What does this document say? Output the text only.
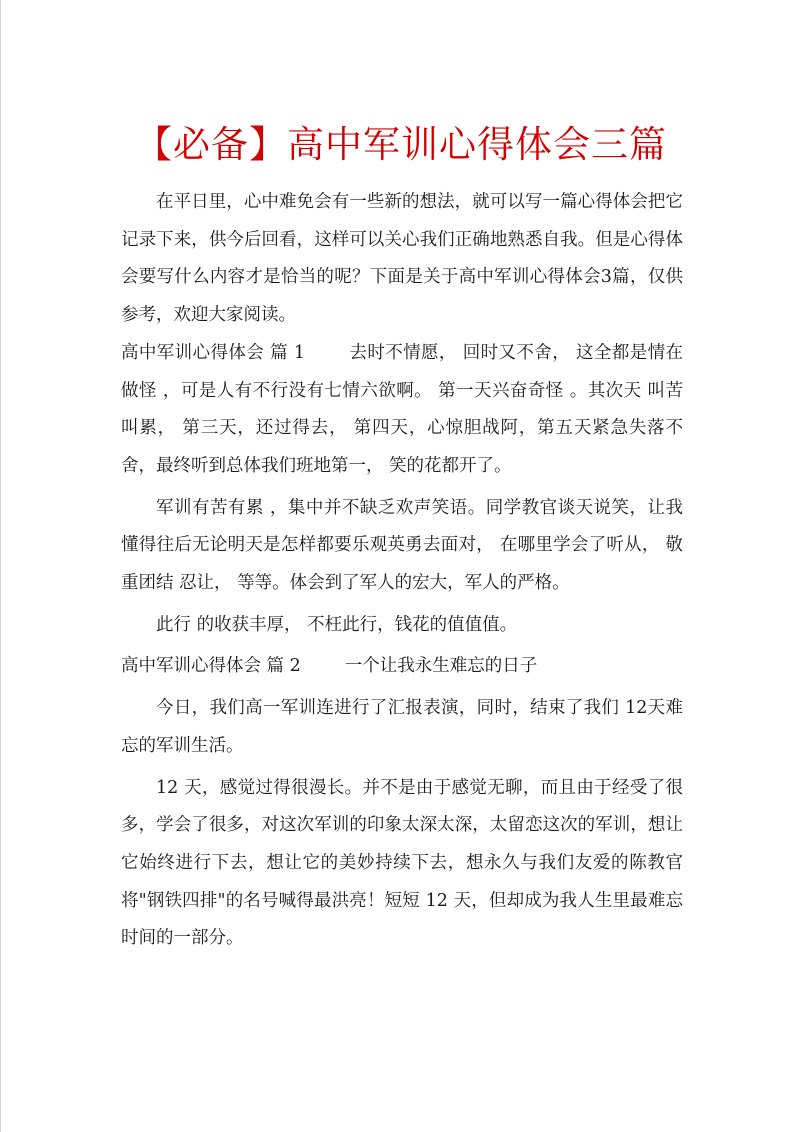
【必备】高中军训心得体会三篇

在平日里，心中难免会有一些新的想法，就可以写一篇心得体会把它记录下来，供今后回看，这样可以关心我们正确地熟悉自我。但是心得体会要写什么内容才是恰当的呢？下面是关于高中军训心得体会3篇，仅供参考，欢迎大家阅读。

高中军训心得体会 篇 1	去时不情愿， 回时又不舍， 这全都是情在做怪 ，可是人有不行没有七情六欲啊。 第一天兴奋奇怪 。其次天 叫苦叫累， 第三天，还过得去， 第四天，心惊胆战阿，第五天紧急失落不舍，最终听到总体我们班地第一， 笑的花都开了。

军训有苦有累 ，集中并不缺乏欢声笑语。同学教官谈天说笑，让我懂得往后无论明天是怎样都要乐观英勇去面对， 在哪里学会了听从， 敬重团结 忍让， 等等。体会到了军人的宏大，军人的严格。

此行 的收获丰厚， 不枉此行，钱花的值值值。

高中军训心得体会 篇 2	一个让我永生难忘的日子

今日，我们高一军训连进行了汇报表演，同时，结束了我们 12天难忘的军训生活。

12 天，感觉过得很漫长。并不是由于感觉无聊，而且由于经受了很多，学会了很多，对这次军训的印象太深太深，太留恋这次的军训，想让它始终进行下去，想让它的美妙持续下去，想永久与我们友爱的陈教官将"钢铁四排"的名号喊得最洪亮！短短 12 天，但却成为我人生里最难忘时间的一部分。
